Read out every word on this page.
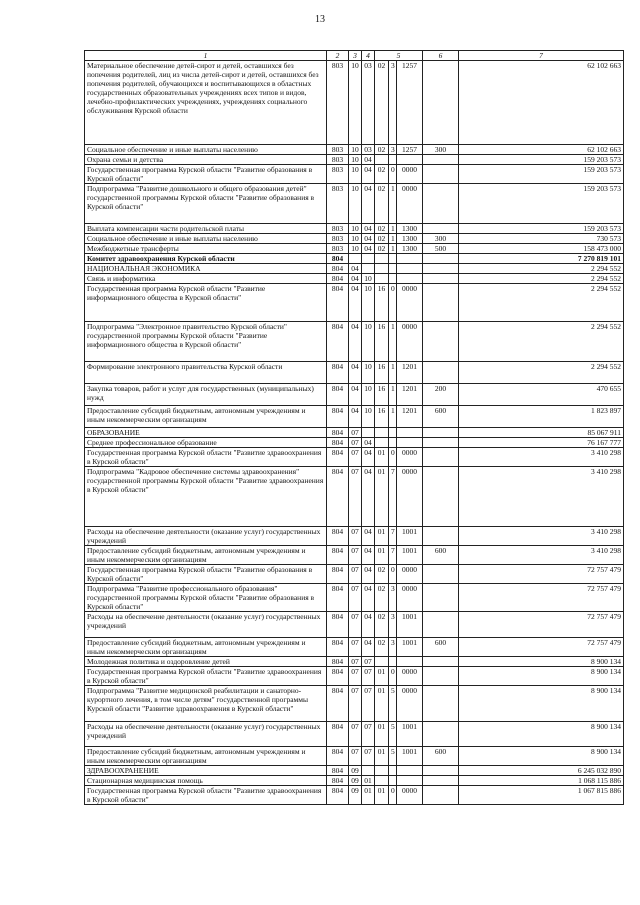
13
1	2	3	4	5			6	7
Материальное обеспечение детей-сирот и детей, оставшихся без попечения родителей, лиц из числа детей-сирот и детей, оставшихся без попечения родителей, обучающихся и воспитывающихся в областных государственных образовательных учреждениях всех типов и видов, лечебно-профилактических учреждениях, учреждениях социального обслуживания Курской области	803	10	03	02	3	1257		62 102 663
Социальное обеспечение и иные выплаты населению	803	10	03	02	3	1257	300	62 102 663
Охрана семьи и детства	803	10	04					159 203 573
Государственная программа Курской области "Развитие образования в Курской области"	803	10	04	02	0	0000		159 203 573
Подпрограмма "Развитие дошкольного и общего образования детей" государственной программы Курской области "Развитие образования в Курской области"	803	10	04	02	1	0000		159 203 573
Выплата компенсации части родительской платы	803	10	04	02	1	1300		159 203 573
Социальное обеспечение и иные выплаты населению	803	10	04	02	1	1300	300	730 573
Межбюджетные трансферты	803	10	04	02	1	1300	500	158 473 000
Комитет здравоохранения Курской области	804							7 270 819 101
НАЦИОНАЛЬНАЯ ЭКОНОМИКА	804	04						2 294 552
Связь и информатика	804	04	10					2 294 552
Государственная программа Курской области "Развитие информационного общества в Курской области"	804	04	10	16	0	0000		2 294 552
Подпрограмма "Электронное правительство Курской области" государственной программы Курской области "Развитие информационного общества в Курской области"	804	04	10	16	1	0000		2 294 552
Формирование электронного правительства Курской области	804	04	10	16	1	1201		2 294 552
Закупка товаров, работ и услуг для государственных (муниципальных) нужд	804	04	10	16	1	1201	200	470 655
Предоставление субсидий бюджетным, автономным учреждениям и иным некоммерческим организациям	804	04	10	16	1	1201	600	1 823 897
ОБРАЗОВАНИЕ	804	07						85 067 911
Среднее профессиональное образование	804	07	04					76 167 777
Государственная программа Курской области "Развитие здравоохранения в Курской области"	804	07	04	01	0	0000		3 410 298
Подпрограмма "Кадровое обеспечение системы здравоохранения" государственной программы Курской области "Развитие здравоохранения в Курской области"	804	07	04	01	7	0000		3 410 298
Расходы на обеспечение деятельности (оказание услуг) государственных учреждений	804	07	04	01	7	1001		3 410 298
Предоставление субсидий бюджетным, автономным учреждениям и иным некоммерческим организациям	804	07	04	01	7	1001	600	3 410 298
Государственная программа Курской области "Развитие образования в Курской области"	804	07	04	02	0	0000		72 757 479
Подпрограмма "Развитие профессионального образования" государственной программы Курской области "Развитие образования в Курской области"	804	07	04	02	3	0000		72 757 479
Расходы на обеспечение деятельности (оказание услуг) государственных учреждений	804	07	04	02	3	1001		72 757 479
Предоставление субсидий бюджетным, автономным учреждениям и иным некоммерческим организациям	804	07	04	02	3	1001	600	72 757 479
Молодежная политика и оздоровление детей	804	07	07					8 900 134
Государственная программа Курской области "Развитие здравоохранения в Курской области"	804	07	07	01	0	0000		8 900 134
Подпрограмма "Развитие медицинской реабилитации и санаторно-курортного лечения, в том числе детям" государственной программы Курской области "Развитие здравоохранения в Курской области"	804	07	07	01	5	0000		8 900 134
Расходы на обеспечение деятельности (оказание услуг) государственных учреждений	804	07	07	01	5	1001		8 900 134
Предоставление субсидий бюджетным, автономным учреждениям и иным некоммерческим организациям	804	07	07	01	5	1001	600	8 900 134
ЗДРАВООХРАНЕНИЕ	804	09						6 245 032 890
Стационарная медицинская помощь	804	09	01					1 068 115 886
Государственная программа Курской области "Развитие здравоохранения в Курской области"	804	09	01	01	0	0000		1 067 815 886
